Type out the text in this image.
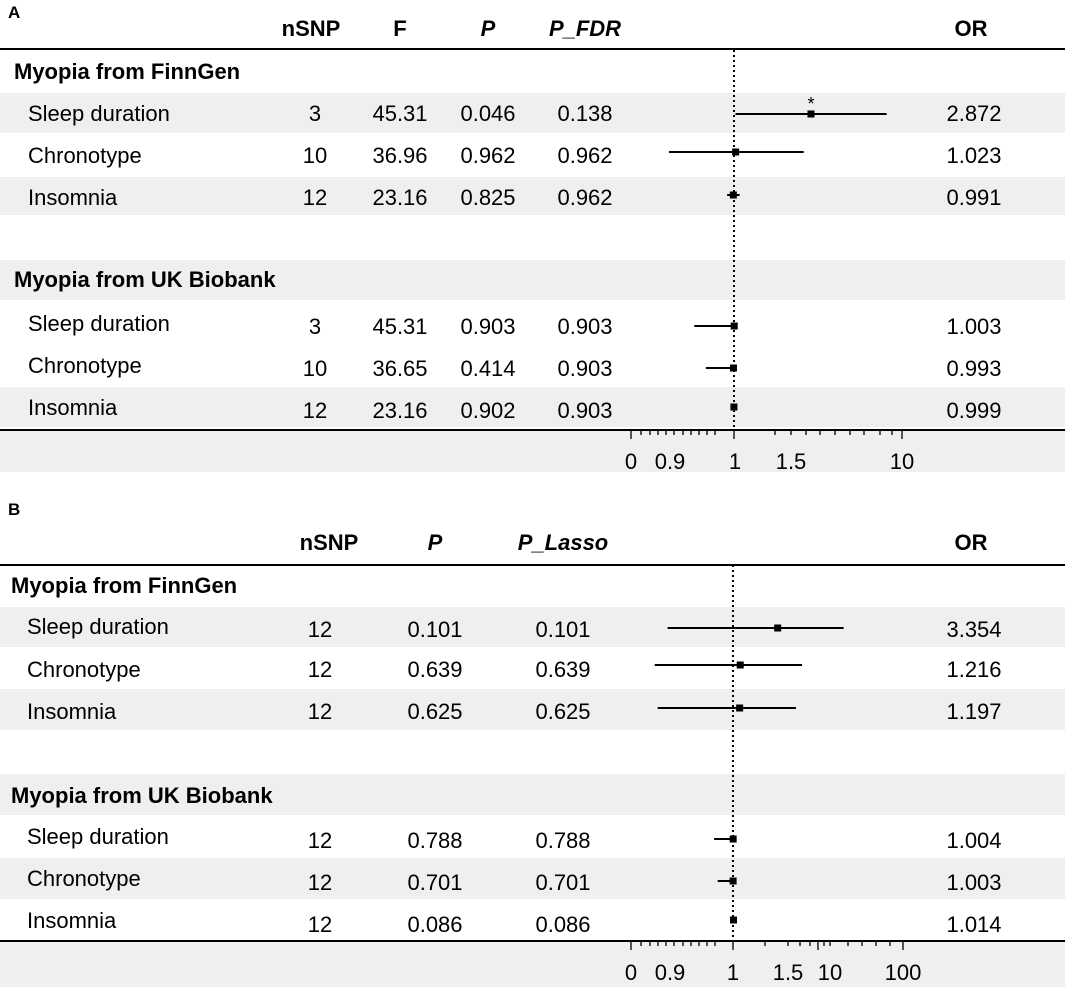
A
nSNP F	P P_FDR	OR
Myopia from FinnGen
Sleep duration	3 45.31 0.046 0.138	2.872
Chronotype	10 36.96 0.962 0.962	1.023
Insomnia	12 23.16 0.825 0.962	0.991
Myopia from UK Biobank
Sleep duration	3 45.31 0.903 0.903	1.003
Chronotype	10 36.65 0.414 0.903	0.993
Insomnia	12 23.16 0.902 0.903	0.999
0 0.9 1 1.5	10
*
B
nSNP	P	P_Lasso	OR
Myopia from FinnGen
Sleep duration	12	0.101	0.101	3.354
Chronotype	12	0.639	0.639	1.216
Insomnia	12	0.625	0.625	1.197
Myopia from UK Biobank
Sleep duration	12	0.788	0.788	1.004
Chronotype	12	0.701	0.701	1.003
Insomnia	12	0.086	0.086	1.014
0 0.9 1 1.5 10 100
